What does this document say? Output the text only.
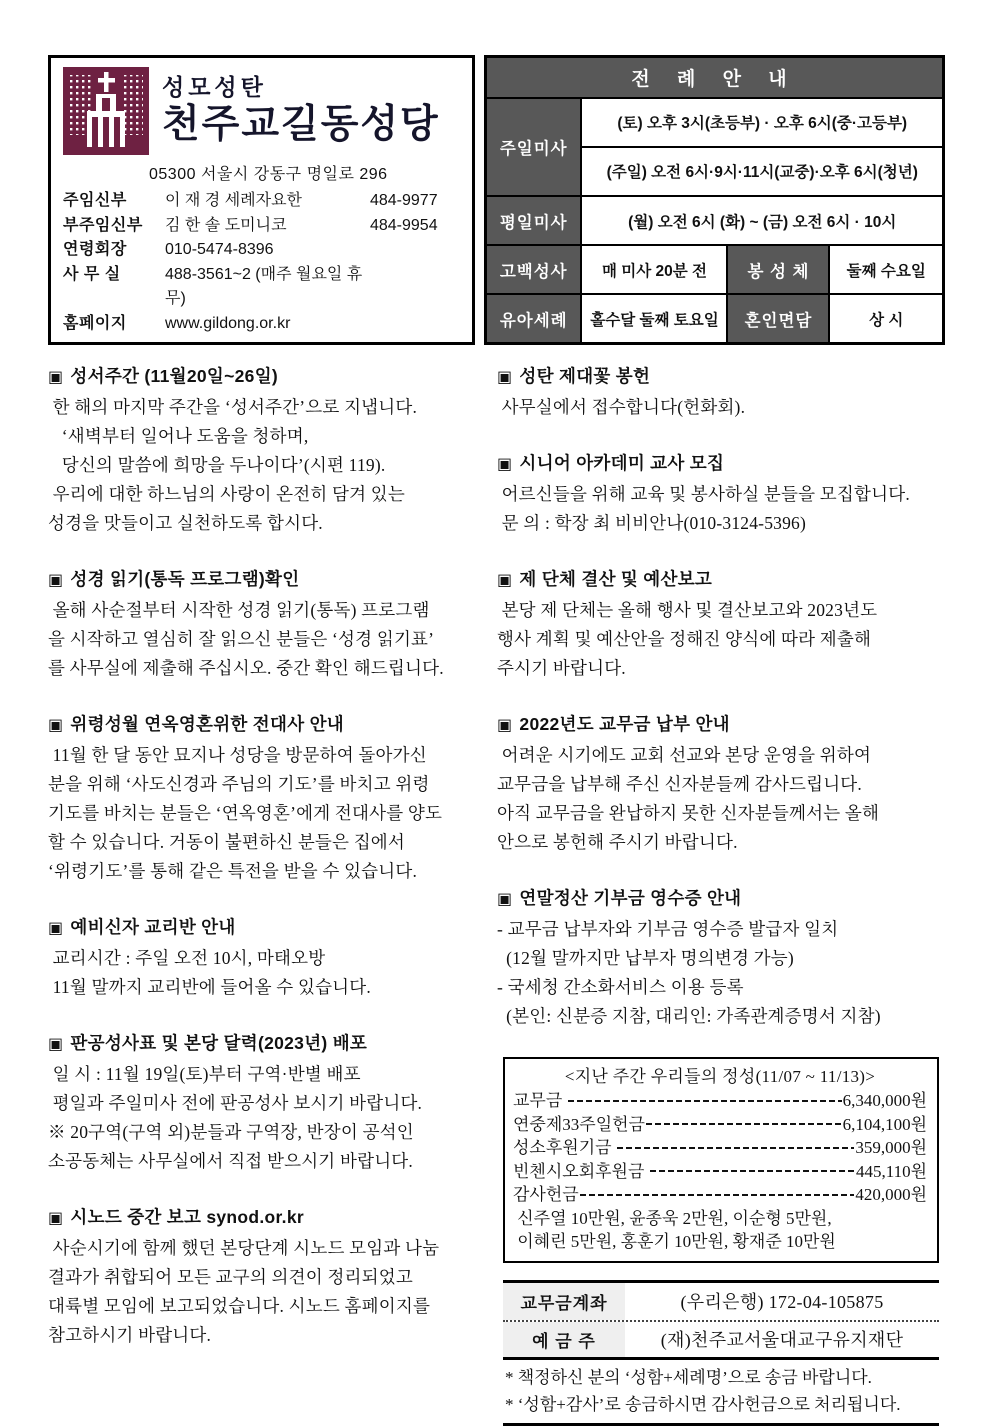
성모성탄
천주교길동성당
05300 서울시 강동구 명일로 296
주임신부	이 재 경 세례자요한	484-9977
부주임신부	김 한 솔 도미니코	484-9954
연령회장	010-5474-8396
사 무 실	488-3561~2 (매주 월요일 휴무)
홈페이지	www.gildong.or.kr
전 례 안 내			
주일미사	(토) 오후 3시(초등부) · 오후 6시(중·고등부)		
	(주일) 오전 6시·9시·11시(교중)·오후 6시(청년)		
평일미사	(월) 오전 6시 (화) ~ (금) 오전 6시 · 10시		
고백성사	매 미사 20분 전	봉 성 체	둘째 수요일
유아세례	홀수달 둘째 토요일	혼인면담	상 시
▣ 성서주간 (11월20일~26일)
한 해의 마지막 주간을 ‘성서주간’으로 지냅니다.
‘새벽부터 일어나 도움을 청하며,
당신의 말씀에 희망을 두나이다’(시편 119).
우리에 대한 하느님의 사랑이 온전히 담겨 있는
성경을 맛들이고 실천하도록 합시다.
▣ 성경 읽기(통독 프로그램)확인
올해 사순절부터 시작한 성경 읽기(통독) 프로그램
을 시작하고 열심히 잘 읽으신 분들은 ‘성경 읽기표’
를 사무실에 제출해 주십시오. 중간 확인 해드립니다.
▣ 위령성월 연옥영혼위한 전대사 안내
11월 한 달 동안 묘지나 성당을 방문하여 돌아가신
분을 위해 ‘사도신경과 주님의 기도’를 바치고 위령
기도를 바치는 분들은 ‘연옥영혼’에게 전대사를 양도
할 수 있습니다. 거동이 불편하신 분들은 집에서
‘위령기도’를 통해 같은 특전을 받을 수 있습니다.
▣ 예비신자 교리반 안내
교리시간 : 주일 오전 10시, 마태오방
11월 말까지 교리반에 들어올 수 있습니다.
▣ 판공성사표 및 본당 달력(2023년) 배포
일 시 : 11월 19일(토)부터 구역·반별 배포
평일과 주일미사 전에 판공성사 보시기 바랍니다.
※ 20구역(구역 외)분들과 구역장, 반장이 공석인
소공동체는 사무실에서 직접 받으시기 바랍니다.
▣ 시노드 중간 보고 synod.or.kr
사순시기에 함께 했던 본당단계 시노드 모임과 나눔
결과가 취합되어 모든 교구의 의견이 정리되었고
대륙별 모임에 보고되었습니다. 시노드 홈페이지를
참고하시기 바랍니다.
▣ 성탄 제대꽃 봉헌
사무실에서 접수합니다(헌화회).
▣ 시니어 아카데미 교사 모집
어르신들을 위해 교육 및 봉사하실 분들을 모집합니다.
문 의 : 학장 최 비비안나(010-3124-5396)
▣ 제 단체 결산 및 예산보고
본당 제 단체는 올해 행사 및 결산보고와 2023년도
행사 계획 및 예산안을 정해진 양식에 따라 제출해
주시기 바랍니다.
▣ 2022년도 교무금 납부 안내
어려운 시기에도 교회 선교와 본당 운영을 위하여
교무금을 납부해 주신 신자분들께 감사드립니다.
아직 교무금을 완납하지 못한 신자분들께서는 올해
안으로 봉헌해 주시기 바랍니다.
▣ 연말정산 기부금 영수증 안내
- 교무금 납부자와 기부금 영수증 발급자 일치
(12월 말까지만 납부자 명의변경 가능)
- 국세청 간소화서비스 이용 등록
(본인: 신분증 지참, 대리인: 가족관계증명서 지참)
<지난 주간 우리들의 정성(11/07 ~ 11/13)>
교무금	6,340,000원
연중제33주일헌금	6,104,100원
성소후원기금	359,000원
빈첸시오회후원금	445,110원
감사헌금	420,000원
신주열 10만원, 윤종욱 2만원, 이순형 5만원,
이혜린 5만원, 홍훈기 10만원, 황재준 10만원
교무금계좌	(우리은행) 172-04-105875
예 금 주	(재)천주교서울대교구유지재단
* 책정하신 분의 ‘성함+세례명’으로 송금 바랍니다.
* ‘성함+감사’로 송금하시면 감사헌금으로 처리됩니다.
